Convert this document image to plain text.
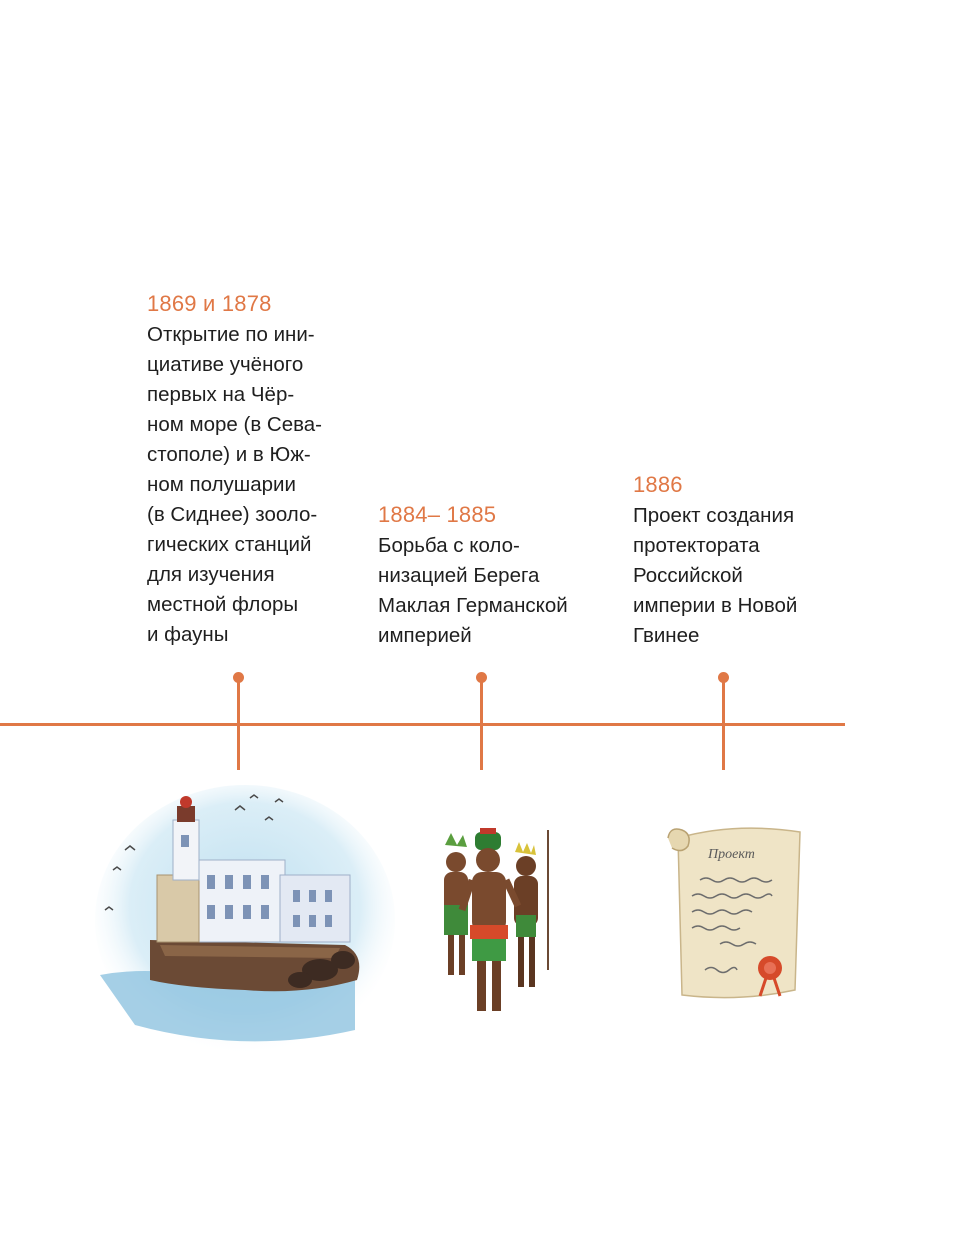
1869 и 1878
Открытие по ини-
циативе учёного
первых на Чёр-
ном море (в Сева-
стополе) и в Юж-
ном полушарии
(в Сиднее) зооло-
гических станций
для изучения
местной флоры
и фауны
1884– 1885
Борьба с коло-
низацией Берега
Маклая Германской
империей
1886
Проект создания
протектората
Российской
империи в Новой
Гвинее
Проект
